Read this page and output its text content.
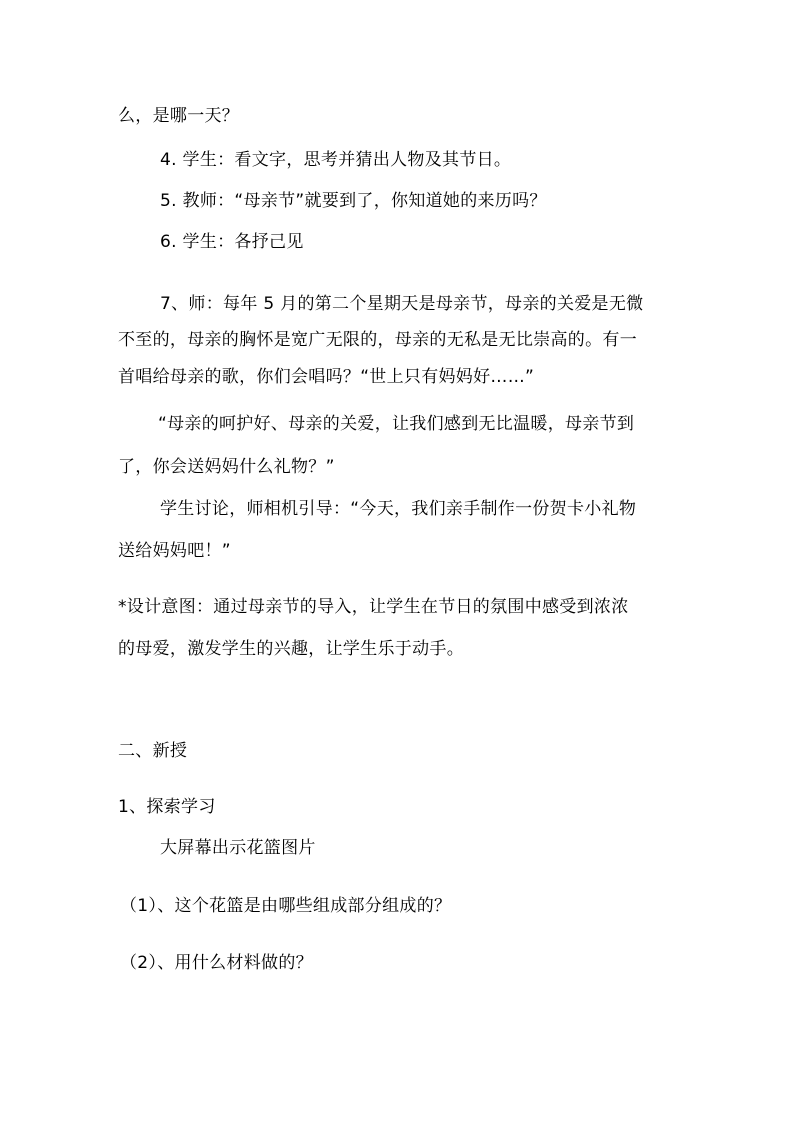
么，是哪一天？
4. 学生：看文字，思考并猜出人物及其节日。
5. 教师：“母亲节”就要到了，你知道她的来历吗？
6. 学生：各抒己见
7、师：每年 5 月的第二个星期天是母亲节，母亲的关爱是无微
不至的，母亲的胸怀是宽广无限的，母亲的无私是无比崇高的。有一
首唱给母亲的歌，你们会唱吗？“世上只有妈妈好……”
“母亲的呵护好、母亲的关爱，让我们感到无比温暖，母亲节到
了，你会送妈妈什么礼物？”
学生讨论，师相机引导：“今天，我们亲手制作一份贺卡小礼物
送给妈妈吧！”
*设计意图：通过母亲节的导入，让学生在节日的氛围中感受到浓浓
的母爱，激发学生的兴趣，让学生乐于动手。
二、新授
1、探索学习
大屏幕出示花篮图片
（1）、这个花篮是由哪些组成部分组成的？
（2）、用什么材料做的？
